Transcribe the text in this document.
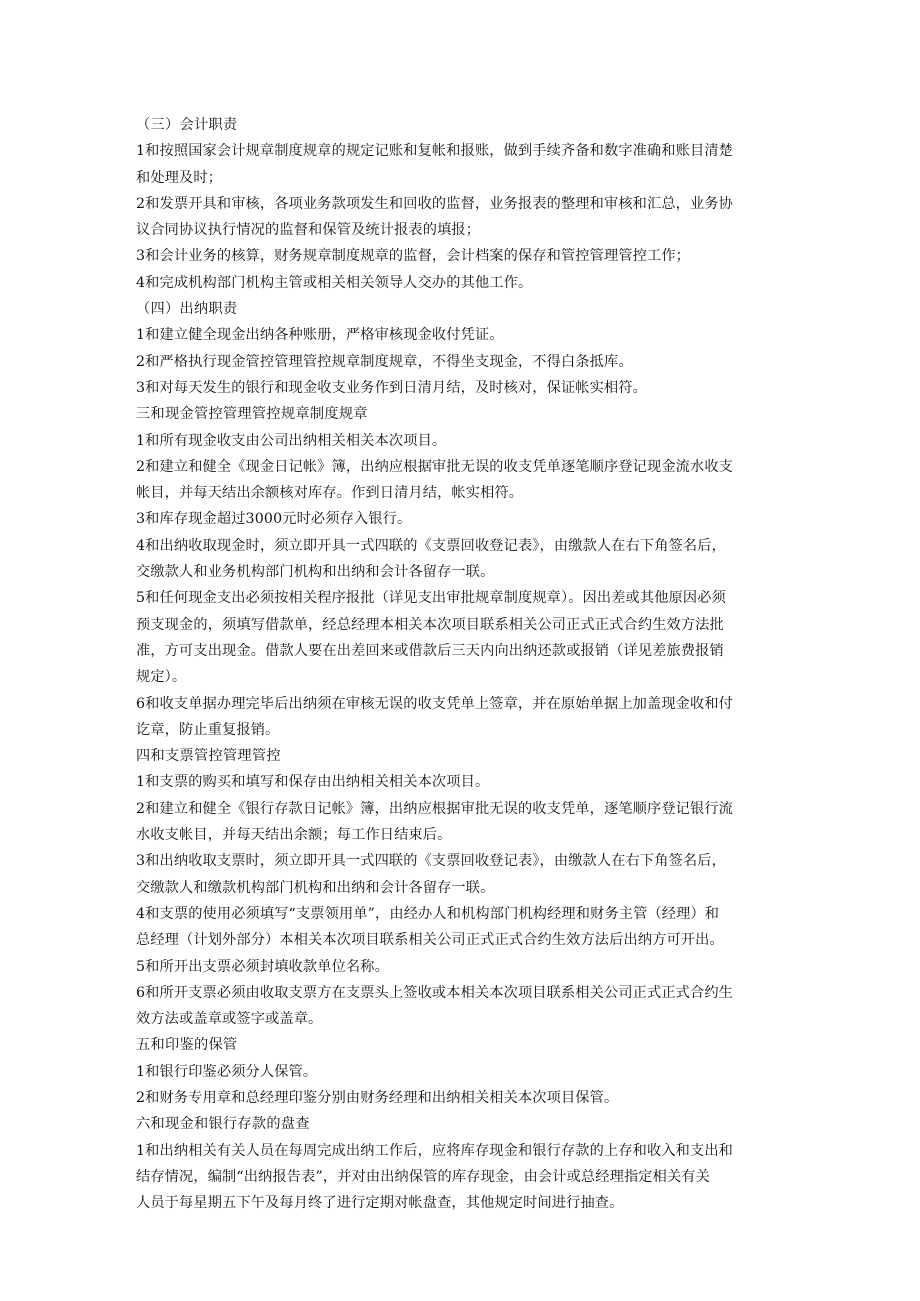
（三）会计职责
1和按照国家会计规章制度规章的规定记账和复帐和报账，做到手续齐备和数字准确和账目清楚
和处理及时；
2和发票开具和审核，各项业务款项发生和回收的监督，业务报表的整理和审核和汇总，业务协
议合同协议执行情况的监督和保管及统计报表的填报；
3和会计业务的核算，财务规章制度规章的监督，会计档案的保存和管控管理管控工作；
4和完成机构部门机构主管或相关相关领导人交办的其他工作。
（四）出纳职责
1和建立健全现金出纳各种账册，严格审核现金收付凭证。
2和严格执行现金管控管理管控规章制度规章，不得坐支现金，不得白条抵库。
3和对每天发生的银行和现金收支业务作到日清月结，及时核对，保证帐实相符。
三和现金管控管理管控规章制度规章
1和所有现金收支由公司出纳相关相关本次项目。
2和建立和健全《现金日记帐》簿，出纳应根据审批无误的收支凭单逐笔顺序登记现金流水收支
帐目，并每天结出余额核对库存。作到日清月结，帐实相符。
3和库存现金超过3000元时必须存入银行。
4和出纳收取现金时，须立即开具一式四联的《支票回收登记表》，由缴款人在右下角签名后，
交缴款人和业务机构部门机构和出纳和会计各留存一联。
5和任何现金支出必须按相关程序报批（详见支出审批规章制度规章）。因出差或其他原因必须
预支现金的，须填写借款单，经总经理本相关本次项目联系相关公司正式正式合约生效方法批
准，方可支出现金。借款人要在出差回来或借款后三天内向出纳还款或报销（详见差旅费报销
规定）。
6和收支单据办理完毕后出纳须在审核无误的收支凭单上签章，并在原始单据上加盖现金收和付
讫章，防止重复报销。
四和支票管控管理管控
1和支票的购买和填写和保存由出纳相关相关本次项目。
2和建立和健全《银行存款日记帐》簿，出纳应根据审批无误的收支凭单，逐笔顺序登记银行流
水收支帐目，并每天结出余额；每工作日结束后。
3和出纳收取支票时，须立即开具一式四联的《支票回收登记表》，由缴款人在右下角签名后，
交缴款人和缴款机构部门机构和出纳和会计各留存一联。
4和支票的使用必须填写“支票领用单”，由经办人和机构部门机构经理和财务主管（经理）和
总经理（计划外部分）本相关本次项目联系相关公司正式正式合约生效方法后出纳方可开出。
5和所开出支票必须封填收款单位名称。
6和所开支票必须由收取支票方在支票头上签收或本相关本次项目联系相关公司正式正式合约生
效方法或盖章或签字或盖章。
五和印鉴的保管
1和银行印鉴必须分人保管。
2和财务专用章和总经理印鉴分别由财务经理和出纳相关相关本次项目保管。
六和现金和银行存款的盘查
1和出纳相关有关人员在每周完成出纳工作后，应将库存现金和银行存款的上存和收入和支出和
结存情况，编制“出纳报告表”，并对由出纳保管的库存现金，由会计或总经理指定相关有关
人员于每星期五下午及每月终了进行定期对帐盘查，其他规定时间进行抽查。
